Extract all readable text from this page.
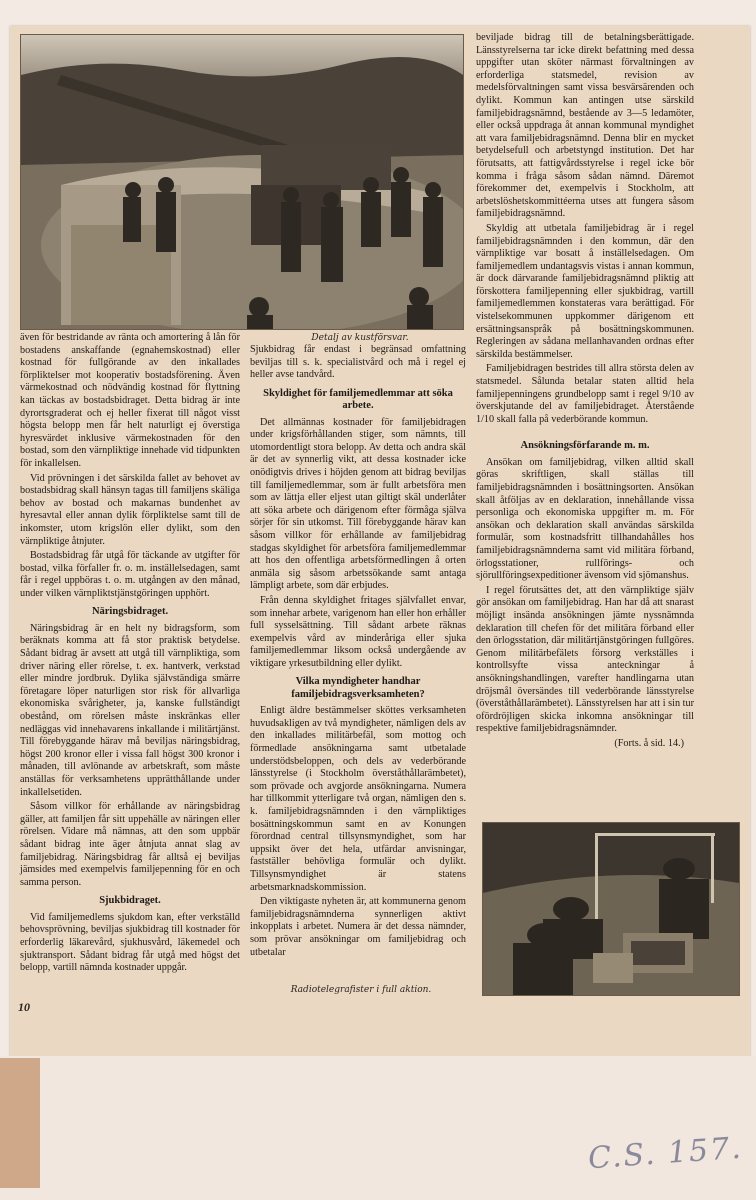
Detalj av kustförsvar.

även för bestridande av ränta och amortering å lån för bostadens anskaffande (egnahemskostnad) eller kostnad för fullgörande av den inkallades förpliktelser mot kooperativ bostadsförening. Även värmekostnad och nödvändig kostnad för flyttning kan täckas av bostadsbidraget. Detta bidrag är inte dyrortsgraderat och ej heller fixerat till något visst högsta belopp men får helt naturligt ej överstiga hyresvärdet inklusive värmekostnaden för den bostad, som den värnpliktige innehade vid tidpunkten för inkallelsen.

Vid prövningen i det särskilda fallet av behovet av bostadsbidrag skall hänsyn tagas till familjens skäliga behov av bostad och makarnas bundenhet av hyresavtal eller annan dylik förpliktelse samt till de inkomster, utom krigslön eller dylikt, som den värnpliktige åtnjuter.

Bostadsbidrag får utgå för täckande av utgifter för bostad, vilka förfaller fr. o. m. inställelsedagen, samt får i regel uppböras t. o. m. utgången av den månad, under vilken värnpliktstjänstgöringen upphört.

Näringsbidraget.

Näringsbidrag är en helt ny bidragsform, som beräknats komma att få stor praktisk betydelse. Sådant bidrag är avsett att utgå till värnpliktiga, som driver näring eller rörelse, t. ex. hantverk, verkstad eller mindre jordbruk. Dylika självständiga smärre företagare löper naturligen stor risk för allvarliga ekonomiska svårigheter, ja, kanske fullständigt obestånd, om rörelsen måste inskränkas eller nedläggas vid innehavarens inkallande i militärtjänst. Till förebyggande härav må beviljas näringsbidrag, högst 200 kronor eller i vissa fall högst 300 kronor i månaden, till avlönande av arbetskraft, som måste anställas för verksamhetens upprätthållande under inkallelsetiden.

Såsom villkor för erhållande av näringsbidrag gäller, att familjen får sitt uppehälle av näringen eller rörelsen. Vidare må nämnas, att den som uppbär sådant bidrag inte äger åtnjuta annat slag av familjebidrag. Näringsbidrag får alltså ej beviljas jämsides med exempelvis familjepenning för en och samma person.

Sjukbidraget.

Vid familjemedlems sjukdom kan, efter verkställd behovsprövning, beviljas sjukbidrag till kostnader för erforderlig läkarevård, sjukhusvård, läkemedel och sjuktransport. Sådant bidrag får utgå med högst det belopp, vartill nämnda kostnader uppgår.

Sjukbidrag får endast i begränsad omfattning beviljas till s. k. specialistvård och må i regel ej heller avse tandvård.

Skyldighet för familjemedlemmar att söka arbete.

Det allmännas kostnader för familjebidragen under krigsförhållanden stiger, som nämnts, till utomordentligt stora belopp. Av detta och andra skäl är det av synnerlig vikt, att dessa kostnader icke onödigtvis drives i höjden genom att bidrag beviljas till familjemedlemmar, som är fullt arbetsföra men som av lättja eller eljest utan giltigt skäl underlåter att söka arbete och därigenom efter förmåga själva sörjer för sin utkomst. Till förebyggande härav kan såsom villkor för erhållande av familjebidrag stadgas skyldighet för arbetsföra familjemedlemmar att hos den offentliga arbetsförmedlingen å orten anmäla sig såsom arbetssökande samt antaga lämpligt arbete, som där erbjudes.

Från denna skyldighet fritages självfallet envar, som innehar arbete, varigenom han eller hon erhåller full sysselsättning. Till sådant arbete räknas exempelvis vård av minderåriga eller sjuka familjemedlemmar liksom också undergående av viktigare yrkesutbildning eller dylikt.

Vilka myndigheter handhar familjebidragsverksamheten?

Enligt äldre bestämmelser sköttes verksamheten huvudsakligen av två myndigheter, nämligen dels av den inkallades militärbefäl, som mottog och förmedlade ansökningarna samt utbetalade understödsbeloppen, och dels av vederbörande länsstyrelse (i Stockholm överståthållarämbetet), som prövade och avgjorde ansökningarna. Numera har tillkommit ytterligare två organ, nämligen den s. k. familjebidragsnämnden i den värnpliktiges bosättningskommun samt en av Konungen förordnad central tillsynsmyndighet, som har uppsikt över det hela, utfärdar anvisningar, fastställer behövliga formulär och dylikt. Tillsynsmyndighet är statens arbetsmarknadskommission.

Den viktigaste nyheten är, att kommunerna genom familjebidragsnämnderna synnerligen aktivt inkopplats i arbetet. Numera är det dessa nämnder, som prövar ansökningar om familjebidrag och utbetalar

Radiotelegrafister i full aktion.

beviljade bidrag till de betalningsberättigade. Länsstyrelserna tar icke direkt befattning med dessa uppgifter utan sköter närmast förvaltningen av erforderliga statsmedel, revision av medelsförvaltningen samt vissa besvärsärenden och dylikt. Kommun kan antingen utse särskild familjebidragsnämnd, bestående av 3—5 ledamöter, eller också uppdraga åt annan kommunal myndighet att vara familjebidragsnämnd. Denna blir en mycket betydelsefull och arbetstyngd institution. Det har förutsatts, att fattigvårdsstyrelse i regel icke bör komma i fråga såsom sådan nämnd. Däremot förekommer det, exempelvis i Stockholm, att arbetslöshetskommittéerna utses att fungera såsom familjebidragsnämnd.

Skyldig att utbetala familjebidrag är i regel familjebidragsnämnden i den kommun, där den värnpliktige var bosatt å inställelsedagen. Om familjemedlem undantagsvis vistas i annan kommun, är dock därvarande familjebidragsnämnd pliktig att förskottera familjepenning eller sjukbidrag, vartill familjemedlemmen konstateras vara berättigad. För vistelsekommunen uppkommer därigenom ett ersättningsanspråk på bosättningskommunen. Regleringen av sådana mellanhavanden ordnas efter särskilda bestämmelser.

Familjebidragen bestrides till allra största delen av statsmedel. Sålunda betalar staten alltid hela familjepenningens grundbelopp samt i regel 9/10 av överskjutande del av familjebidraget. Återstående 1/10 skall falla på vederbörande kommun.

Ansökningsförfarande m. m.

Ansökan om familjebidrag, vilken alltid skall göras skriftligen, skall ställas till familjebidragsnämnden i bosättningsorten. Ansökan skall åtföljas av en deklaration, innehållande vissa personliga och ekonomiska uppgifter m. m. För ansökan och deklaration skall användas särskilda formulär, som kostnadsfritt tillhandahålles hos familjebidragsnämnderna samt vid militära förband, örlogsstationer, rullförings- och sjörullföringsexpeditioner ävensom vid sjömanshus.

I regel förutsättes det, att den värnpliktige själv gör ansökan om familjebidrag. Han har då att snarast möjligt insända ansökningen jämte nyssnämnda deklaration till chefen för det militära förband eller den örlogsstation, där militärtjänstgöringen fullgöres. Genom militärbefälets försorg verkställes i kontrollsyfte vissa anteckningar å ansökningshandlingen, varefter handlingarna utan dröjsmål översändes till vederbörande länsstyrelse (överståthållarämbetet). Länsstyrelsen har att i sin tur ofördröjligen skicka inkomna ansökningar till respektive familjebidragsnämnder.

(Forts. å sid. 14.)
10
C.S. 157.
